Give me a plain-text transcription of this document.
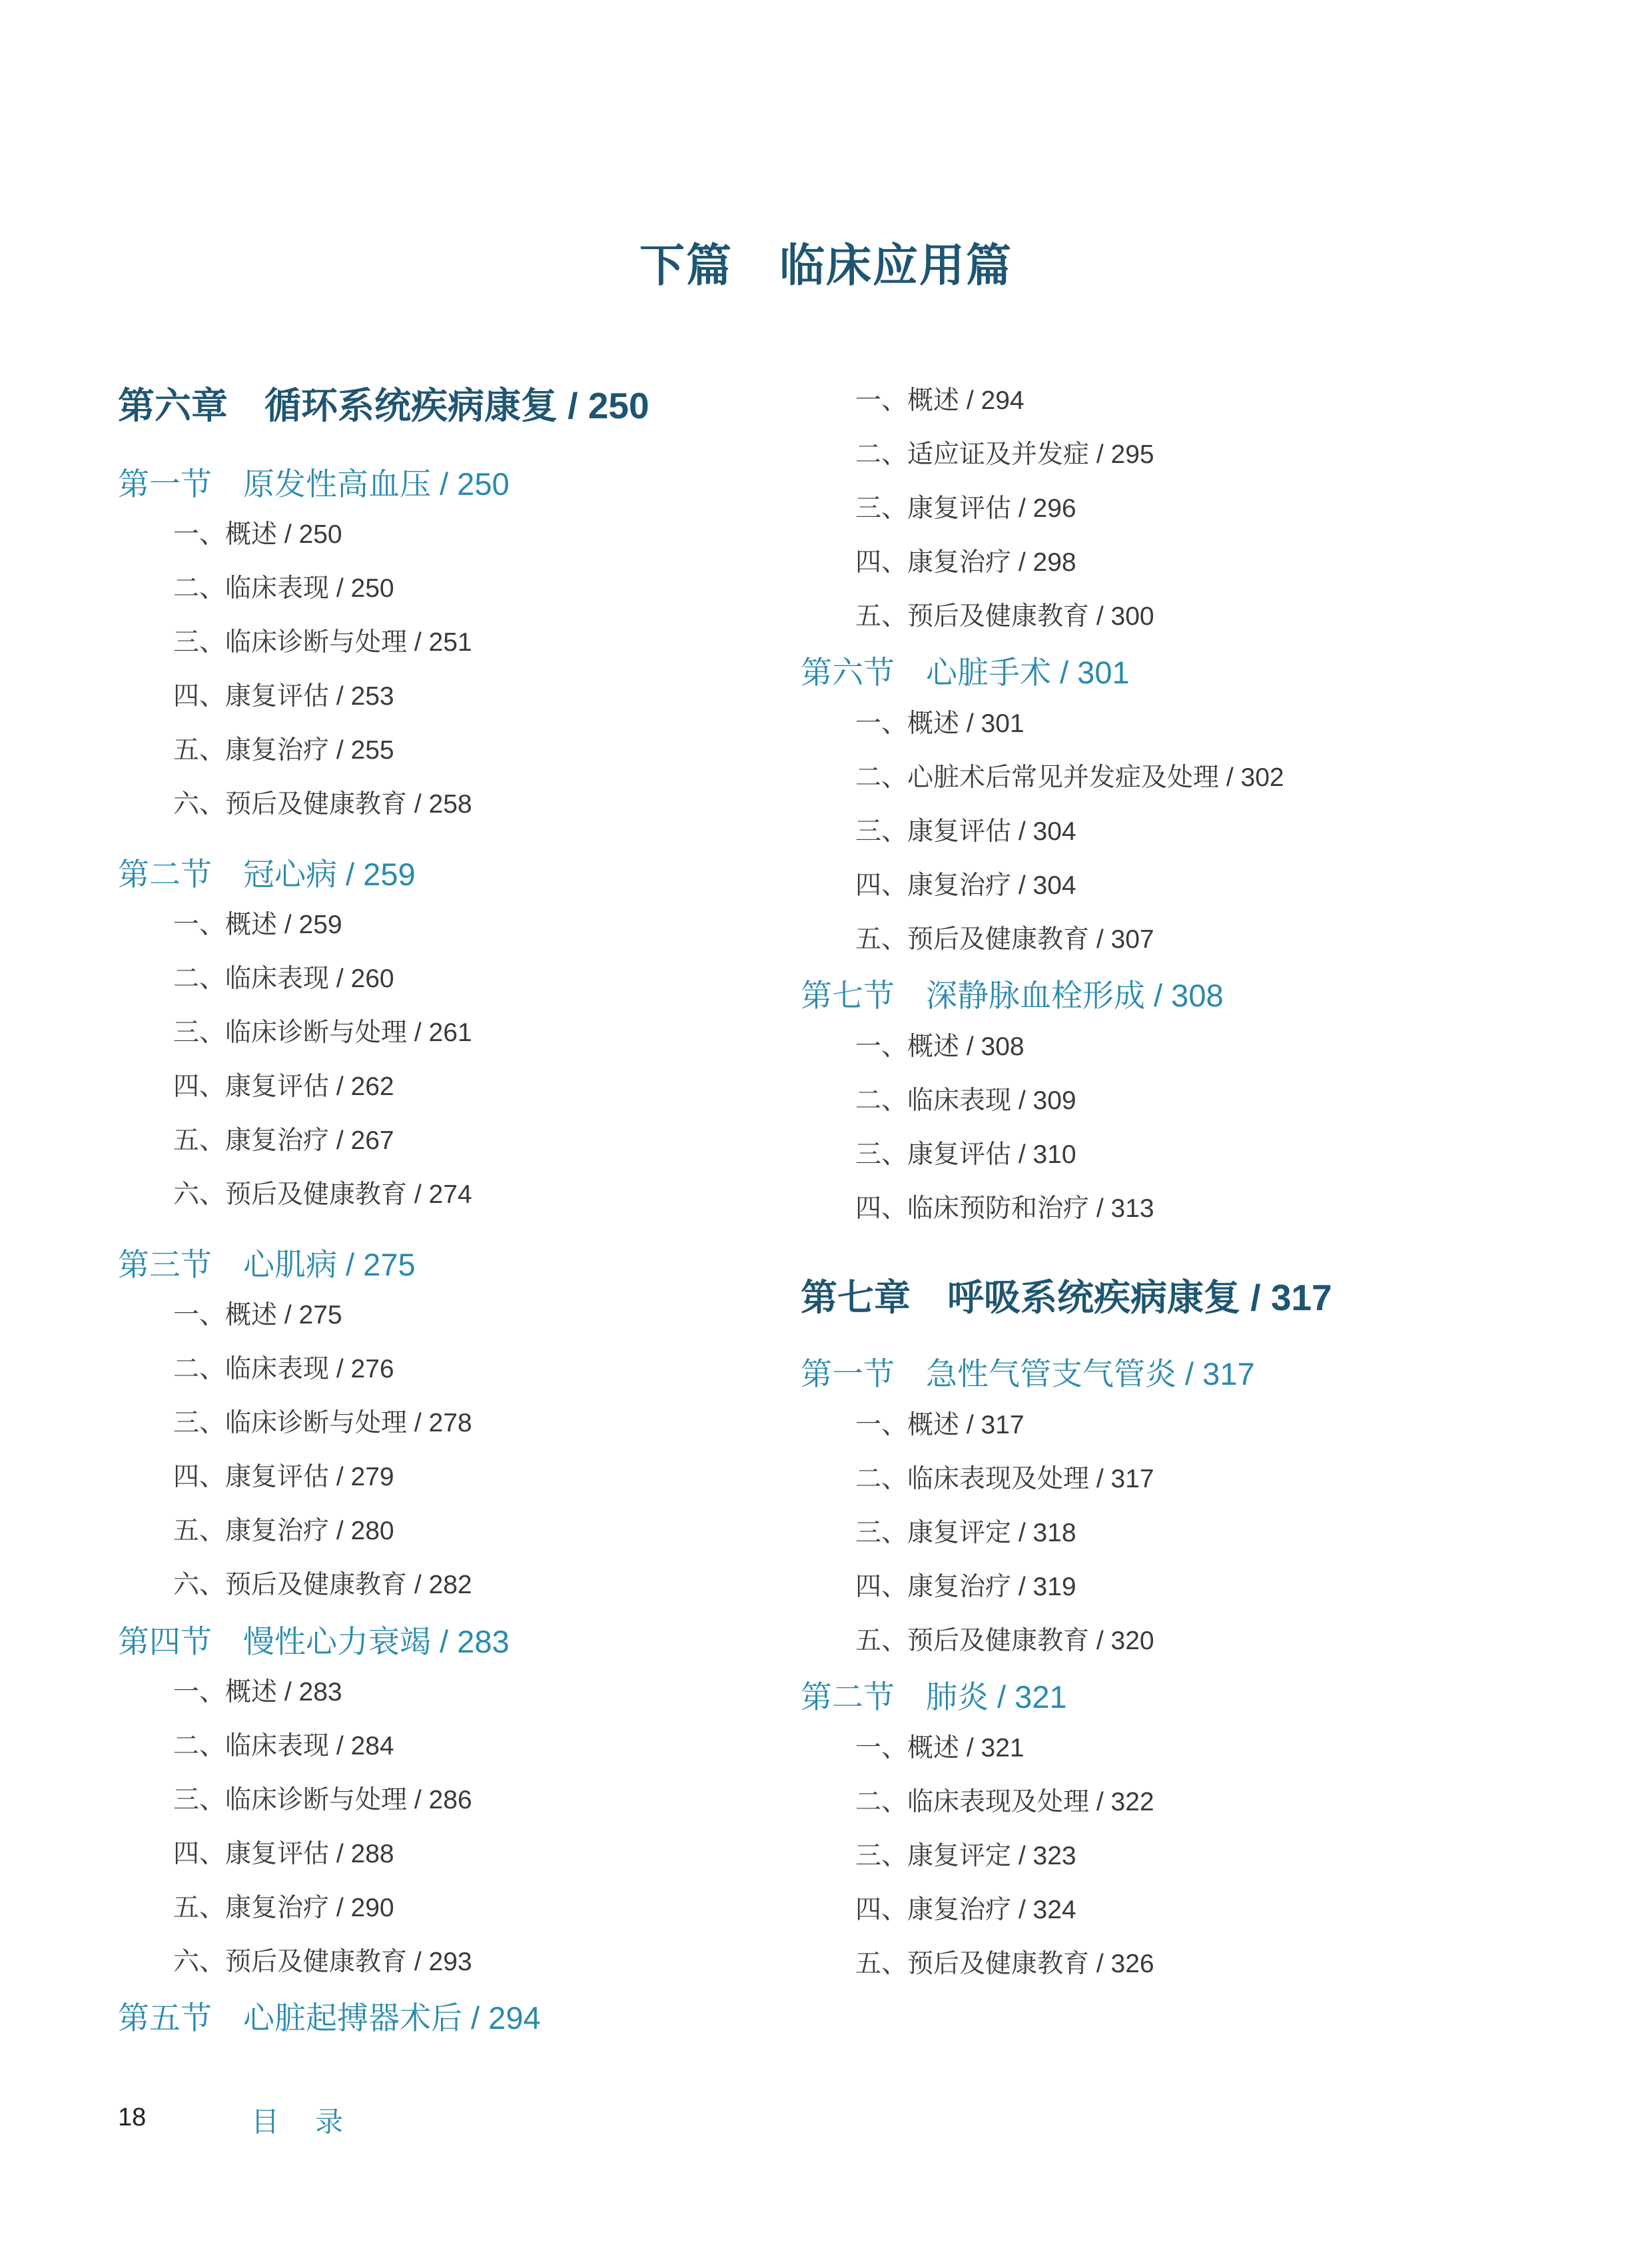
下篇　临床应用篇
第六章　循环系统疾病康复 / 250
第一节　原发性高血压 / 250
一、概述 / 250
二、临床表现 / 250
三、临床诊断与处理 / 251
四、康复评估 / 253
五、康复治疗 / 255
六、预后及健康教育 / 258
第二节　冠心病 / 259
一、概述 / 259
二、临床表现 / 260
三、临床诊断与处理 / 261
四、康复评估 / 262
五、康复治疗 / 267
六、预后及健康教育 / 274
第三节　心肌病 / 275
一、概述 / 275
二、临床表现 / 276
三、临床诊断与处理 / 278
四、康复评估 / 279
五、康复治疗 / 280
六、预后及健康教育 / 282
第四节　慢性心力衰竭 / 283
一、概述 / 283
二、临床表现 / 284
三、临床诊断与处理 / 286
四、康复评估 / 288
五、康复治疗 / 290
六、预后及健康教育 / 293
第五节　心脏起搏器术后 / 294
一、概述 / 294
二、适应证及并发症 / 295
三、康复评估 / 296
四、康复治疗 / 298
五、预后及健康教育 / 300
第六节　心脏手术 / 301
一、概述 / 301
二、心脏术后常见并发症及处理 / 302
三、康复评估 / 304
四、康复治疗 / 304
五、预后及健康教育 / 307
第七节　深静脉血栓形成 / 308
一、概述 / 308
二、临床表现 / 309
三、康复评估 / 310
四、临床预防和治疗 / 313
第七章　呼吸系统疾病康复 / 317
第一节　急性气管支气管炎 / 317
一、概述 / 317
二、临床表现及处理 / 317
三、康复评定 / 318
四、康复治疗 / 319
五、预后及健康教育 / 320
第二节　肺炎 / 321
一、概述 / 321
二、临床表现及处理 / 322
三、康复评定 / 323
四、康复治疗 / 324
五、预后及健康教育 / 326
18	目录
